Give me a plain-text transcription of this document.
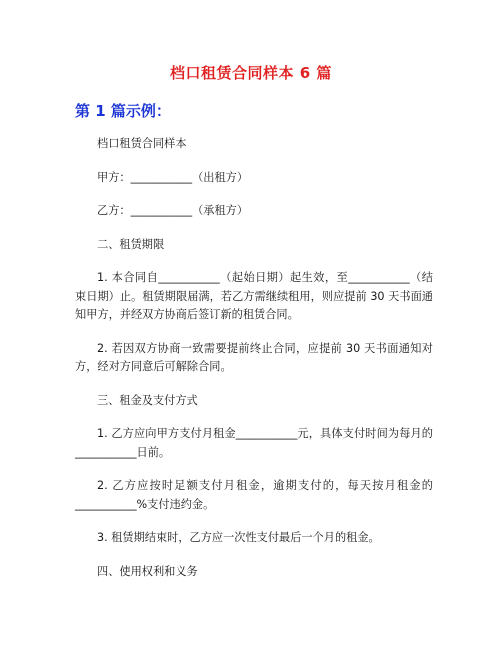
档口租赁合同样本 6 篇
第 1 篇示例：

档口租赁合同样本

甲方：___________（出租方）

乙方：___________（承租方）

二、租赁期限

1. 本合同自___________（起始日期）起生效，至___________（结束日期）止。租赁期限届满，若乙方需继续租用，则应提前 30 天书面通知甲方，并经双方协商后签订新的租赁合同。

2. 若因双方协商一致需要提前终止合同，应提前 30 天书面通知对方，经对方同意后可解除合同。

三、租金及支付方式

1. 乙方应向甲方支付月租金___________元，具体支付时间为每月的___________日前。

2. 乙方应按时足额支付月租金，逾期支付的，每天按月租金的___________%支付违约金。

3. 租赁期结束时，乙方应一次性支付最后一个月的租金。

四、使用权利和义务
